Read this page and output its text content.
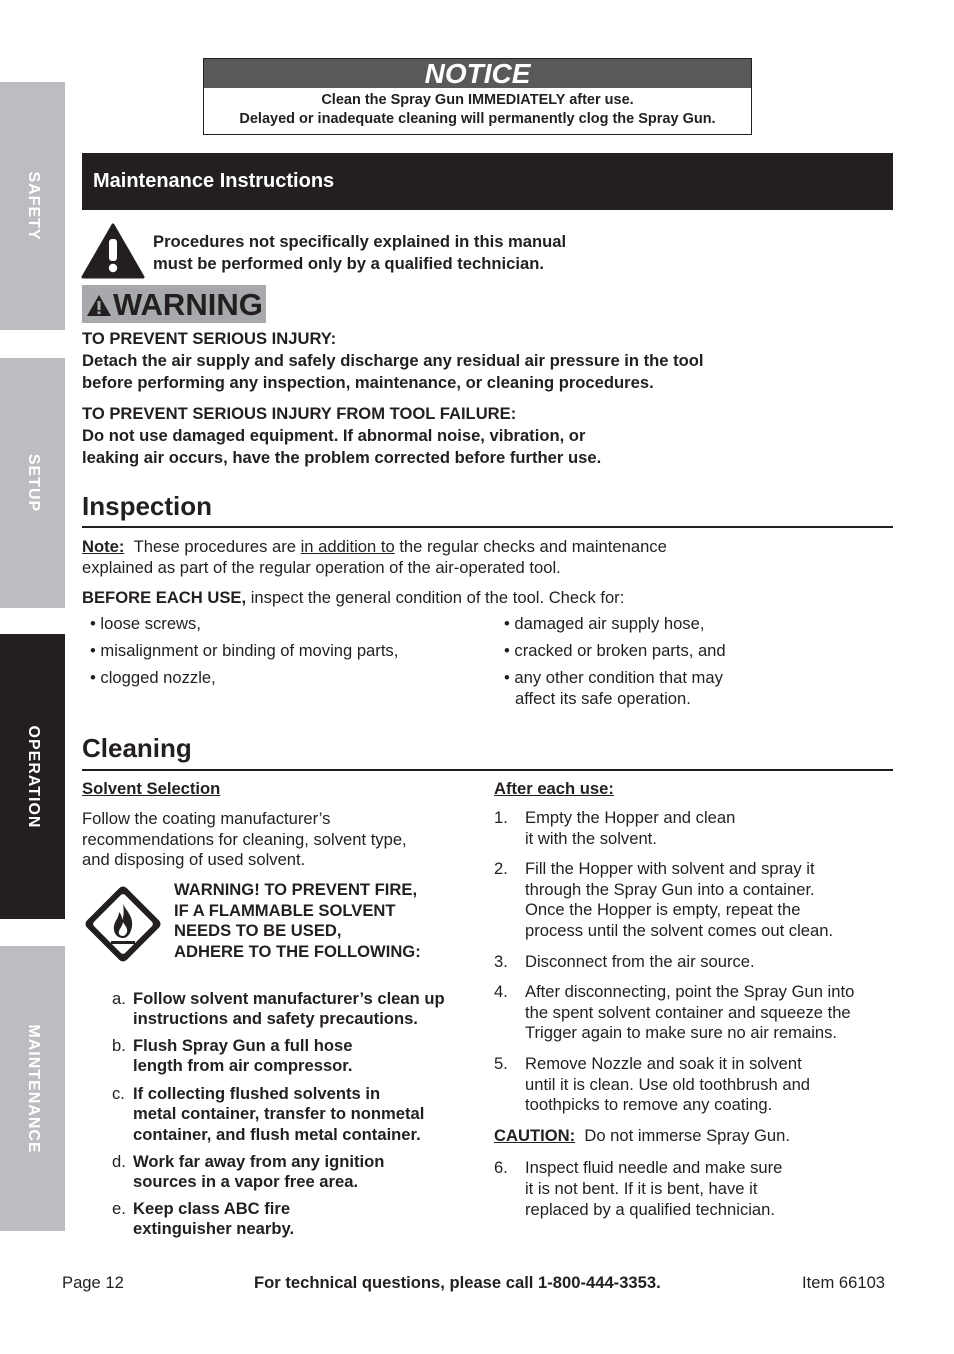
SAFETY
SETUP
OPERATION
MAINTENANCE
NOTICE
Clean the Spray Gun IMMEDIATELY after use.
Delayed or inadequate cleaning will permanently clog the Spray Gun.
Maintenance Instructions
Procedures not specifically explained in this manual
must be performed only by a qualified technician.
WARNING
TO PREVENT SERIOUS INJURY:
Detach the air supply and safely discharge any residual air pressure in the tool
before performing any inspection, maintenance, or cleaning procedures.
TO PREVENT SERIOUS INJURY FROM TOOL FAILURE:
Do not use damaged equipment. If abnormal noise, vibration, or
leaking air occurs, have the problem corrected before further use.
Inspection
Note: These procedures are in addition to the regular checks and maintenance
explained as part of the regular operation of the air-operated tool.
BEFORE EACH USE, inspect the general condition of the tool. Check for:
• loose screws,
• misalignment or binding of moving parts,
• clogged nozzle,
• damaged air supply hose,
• cracked or broken parts, and
• any other condition that may
affect its safe operation.
Cleaning
Solvent Selection
Follow the coating manufacturer’s
recommendations for cleaning, solvent type,
and disposing of used solvent.
WARNING! TO PREVENT FIRE,
IF A FLAMMABLE SOLVENT
NEEDS TO BE USED,
ADHERE TO THE FOLLOWING:
a. Follow solvent manufacturer’s clean up
instructions and safety precautions.
b. Flush Spray Gun a full hose
length from air compressor.
c. If collecting flushed solvents in
metal container, transfer to nonmetal
container, and flush metal container.
d. Work far away from any ignition
sources in a vapor free area.
e. Keep class ABC fire
extinguisher nearby.
After each use:
1. Empty the Hopper and clean
it with the solvent.
2. Fill the Hopper with solvent and spray it
through the Spray Gun into a container.
Once the Hopper is empty, repeat the
process until the solvent comes out clean.
3. Disconnect from the air source.
4. After disconnecting, point the Spray Gun into
the spent solvent container and squeeze the
Trigger again to make sure no air remains.
5. Remove Nozzle and soak it in solvent
until it is clean. Use old toothbrush and
toothpicks to remove any coating.
CAUTION:  Do not immerse Spray Gun.
6. Inspect fluid needle and make sure
it is not bent. If it is bent, have it
replaced by a qualified technician.
Page 12	For technical questions, please call 1-800-444-3353.	Item 66103
